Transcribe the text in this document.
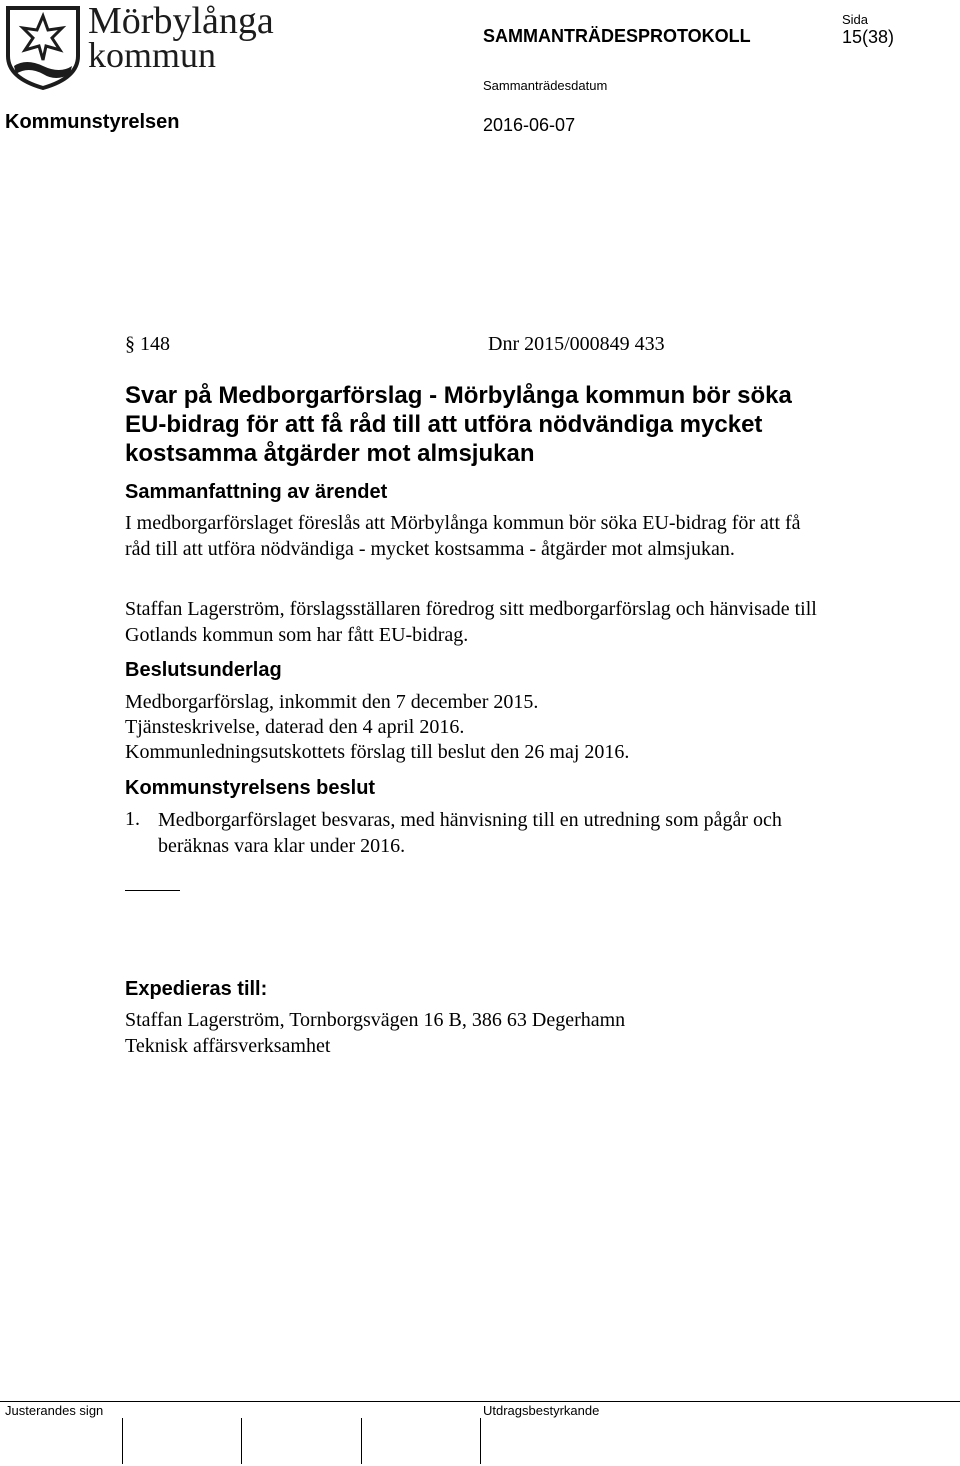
Mörbylånga
kommun	SAMMANTRÄDESPROTOKOLL
Sida
15(38)
Sammanträdesdatum
Kommunstyrelsen	2016-06-07
§ 148	Dnr 2015/000849 433
Svar på Medborgarförslag - Mörbylånga kommun bör söka EU-bidrag för att få råd till att utföra nödvändiga mycket kostsamma åtgärder mot almsjukan
Sammanfattning av ärendet
I medborgarförslaget föreslås att Mörbylånga kommun bör söka EU-bidrag för att få råd till att utföra nödvändiga - mycket kostsamma - åtgärder mot almsjukan.
Staffan Lagerström, förslagsställaren föredrog sitt medborgarförslag och hänvisade till Gotlands kommun som har fått EU-bidrag.
Beslutsunderlag
Medborgarförslag, inkommit den 7 december 2015.
Tjänsteskrivelse, daterad den 4 april 2016.
Kommunledningsutskottets förslag till beslut den 26 maj 2016.
Kommunstyrelsens beslut
1. Medborgarförslaget besvaras, med hänvisning till en utredning som pågår och beräknas vara klar under 2016.
Expedieras till:
Staffan Lagerström, Tornborgsvägen 16 B, 386 63 Degerhamn
Teknisk affärsverksamhet
Justerandes sign	Utdragsbestyrkande
